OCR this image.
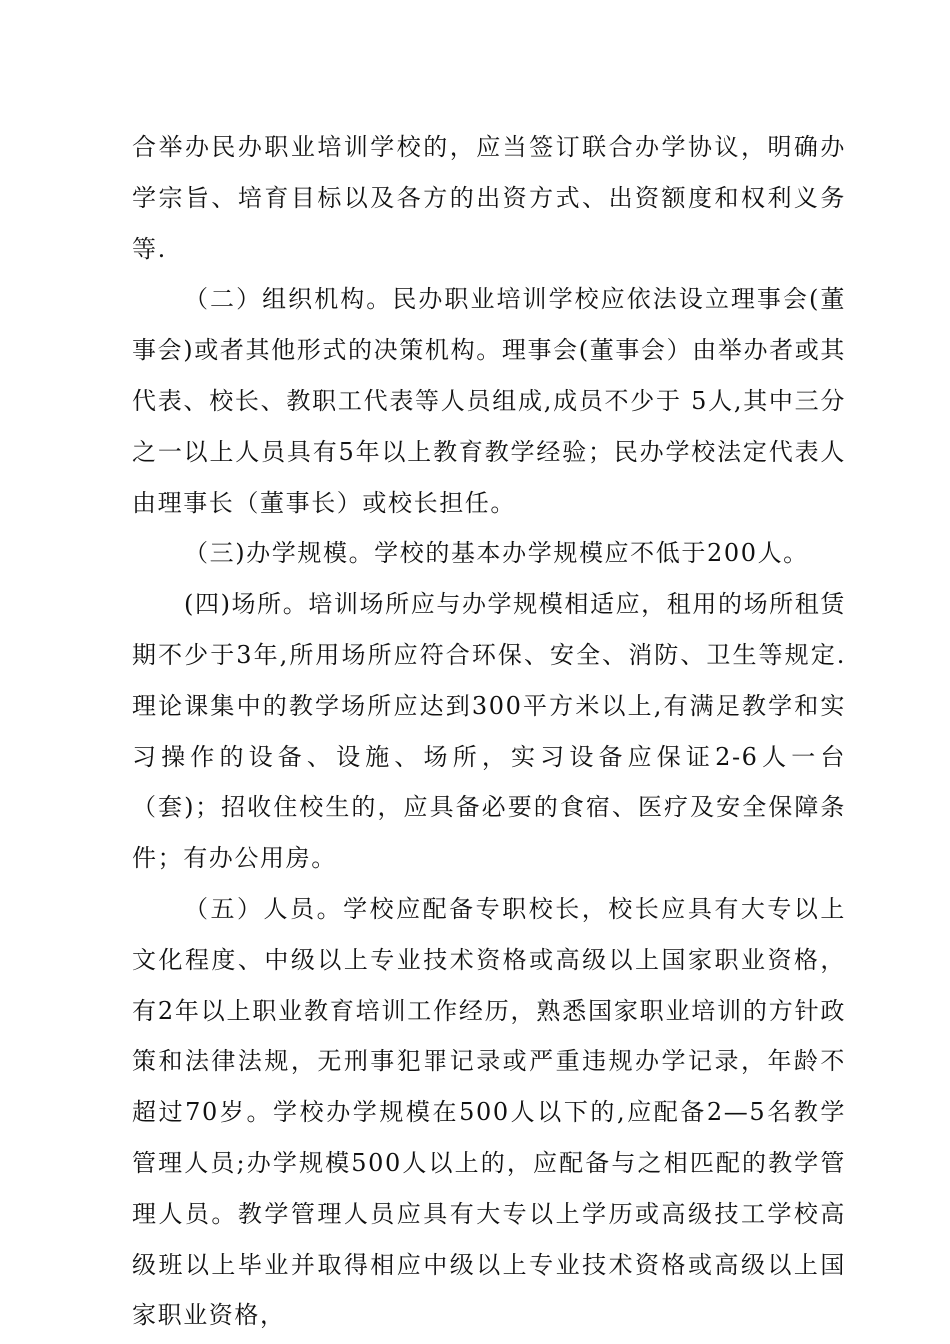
合举办民办职业培训学校的，应当签订联合办学协议，明确办学宗旨、培育目标以及各方的出资方式、出资额度和权利义务等.

（二）组织机构。民办职业培训学校应依法设立理事会(董事会)或者其他形式的决策机构。理事会(董事会）由举办者或其代表、校长、教职工代表等人员组成,成员不少于 5人,其中三分之一以上人员具有5年以上教育教学经验；民办学校法定代表人由理事长（董事长）或校长担任。

（三)办学规模。学校的基本办学规模应不低于200人。

(四)场所。培训场所应与办学规模相适应，租用的场所租赁期不少于3年,所用场所应符合环保、安全、消防、卫生等规定.理论课集中的教学场所应达到300平方米以上,有满足教学和实习操作的设备、设施、场所，实习设备应保证2-6人一台（套)；招收住校生的，应具备必要的食宿、医疗及安全保障条件；有办公用房。

（五）人员。学校应配备专职校长，校长应具有大专以上文化程度、中级以上专业技术资格或高级以上国家职业资格，有2年以上职业教育培训工作经历，熟悉国家职业培训的方针政策和法律法规，无刑事犯罪记录或严重违规办学记录，年龄不超过70岁。学校办学规模在500人以下的,应配备2—5名教学管理人员;办学规模500人以上的，应配备与之相匹配的教学管理人员。教学管理人员应具有大专以上学历或高级技工学校高级班以上毕业并取得相应中级以上专业技术资格或高级以上国家职业资格，
